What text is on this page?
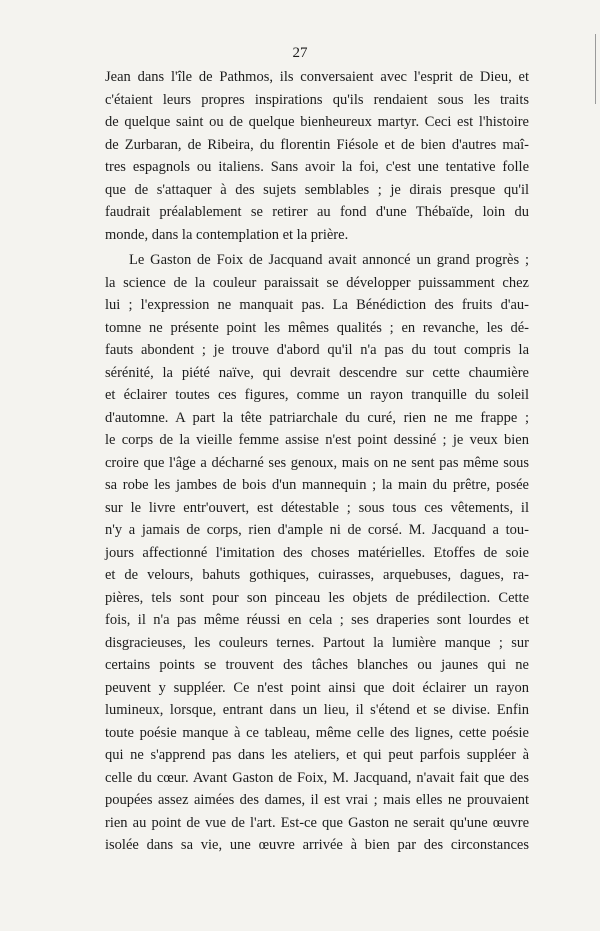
27
Jean dans l'île de Pathmos, ils conversaient avec l'esprit de Dieu, et
c'étaient leurs propres inspirations qu'ils rendaient sous les traits
de quelque saint ou de quelque bienheureux martyr. Ceci est l'histoire
de Zurbaran, de Ribeira, du florentin Fiésole et de bien d'autres maî-
tres espagnols ou italiens. Sans avoir la foi, c'est une tentative folle
que de s'attaquer à des sujets semblables ; je dirais presque qu'il
faudrait préalablement se retirer au fond d'une Thébaïde, loin du
monde, dans la contemplation et la prière.
Le Gaston de Foix de Jacquand avait annoncé un grand progrès ;
la science de la couleur paraissait se développer puissamment chez
lui ; l'expression ne manquait pas. La Bénédiction des fruits d'au-
tomne ne présente point les mêmes qualités ; en revanche, les dé-
fauts abondent ; je trouve d'abord qu'il n'a pas du tout compris la
sérénité, la piété naïve, qui devrait descendre sur cette chaumière
et éclairer toutes ces figures, comme un rayon tranquille du soleil
d'automne. A part la tête patriarchale du curé, rien ne me frappe ;
le corps de la vieille femme assise n'est point dessiné ; je veux bien
croire que l'âge a décharné ses genoux, mais on ne sent pas même sous
sa robe les jambes de bois d'un mannequin ; la main du prêtre, posée
sur le livre entr'ouvert, est détestable ; sous tous ces vêtements, il
n'y a jamais de corps, rien d'ample ni de corsé. M. Jacquand a tou-
jours affectionné l'imitation des choses matérielles. Etoffes de soie
et de velours, bahuts gothiques, cuirasses, arquebuses, dagues, ra-
pières, tels sont pour son pinceau les objets de prédilection. Cette
fois, il n'a pas même réussi en cela ; ses draperies sont lourdes et
disgracieuses, les couleurs ternes. Partout la lumière manque ; sur
certains points se trouvent des tâches blanches ou jaunes qui ne
peuvent y suppléer. Ce n'est point ainsi que doit éclairer un rayon
lumineux, lorsque, entrant dans un lieu, il s'étend et se divise. Enfin
toute poésie manque à ce tableau, même celle des lignes, cette poésie
qui ne s'apprend pas dans les ateliers, et qui peut parfois suppléer à
celle du cœur. Avant Gaston de Foix, M. Jacquand, n'avait fait que des
poupées assez aimées des dames, il est vrai ; mais elles ne prouvaient
rien au point de vue de l'art. Est-ce que Gaston ne serait qu'une œuvre
isolée dans sa vie, une œuvre arrivée à bien par des circonstances
